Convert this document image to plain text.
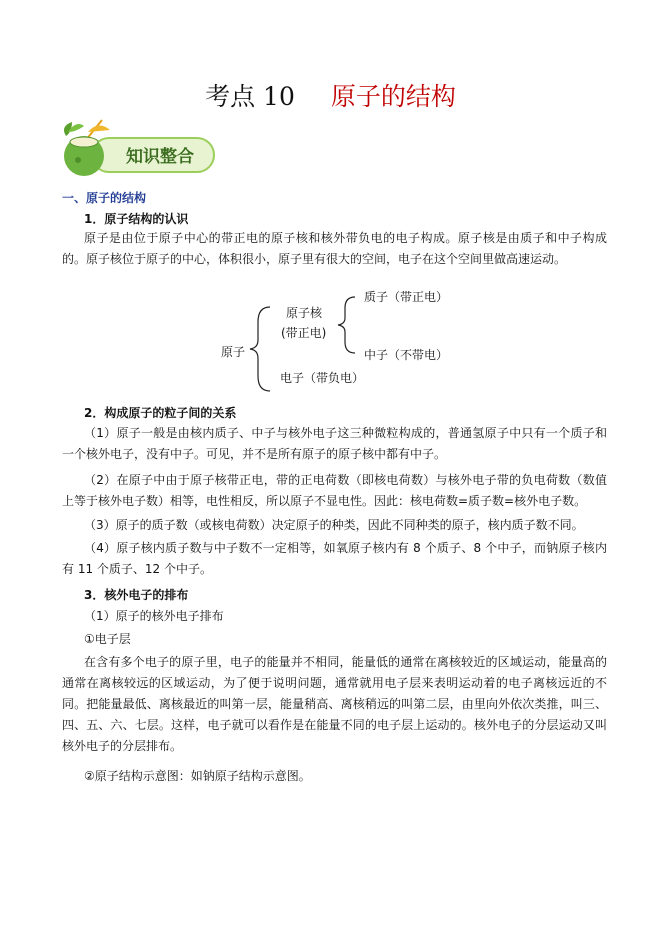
考点 10 原子的结构
知识整合
一、原子的结构
1．原子结构的认识
原子是由位于原子中心的带正电的原子核和核外带负电的电子构成。原子核是由质子和中子构成的。原子核位于原子的中心，体积很小，原子里有很大的空间，电子在这个空间里做高速运动。
原子
原子核
(带正电)
质子（带正电）
中子（不带电）
电子（带负电）
2．构成原子的粒子间的关系
（1）原子一般是由核内质子、中子与核外电子这三种微粒构成的，普通氢原子中只有一个质子和一个核外电子，没有中子。可见，并不是所有原子的原子核中都有中子。
（2）在原子中由于原子核带正电，带的正电荷数（即核电荷数）与核外电子带的负电荷数（数值上等于核外电子数）相等，电性相反，所以原子不显电性。因此：核电荷数=质子数=核外电子数。
（3）原子的质子数（或核电荷数）决定原子的种类，因此不同种类的原子，核内质子数不同。
（4）原子核内质子数与中子数不一定相等，如氧原子核内有 8 个质子、8 个中子，而钠原子核内有 11 个质子、12 个中子。
3．核外电子的排布
（1）原子的核外电子排布
①电子层
在含有多个电子的原子里，电子的能量并不相同，能量低的通常在离核较近的区域运动，能量高的通常在离核较远的区域运动，为了便于说明问题，通常就用电子层来表明运动着的电子离核远近的不同。把能量最低、离核最近的叫第一层，能量稍高、离核稍远的叫第二层，由里向外依次类推，叫三、四、五、六、七层。这样，电子就可以看作是在能量不同的电子层上运动的。核外电子的分层运动又叫核外电子的分层排布。
②原子结构示意图：如钠原子结构示意图。
